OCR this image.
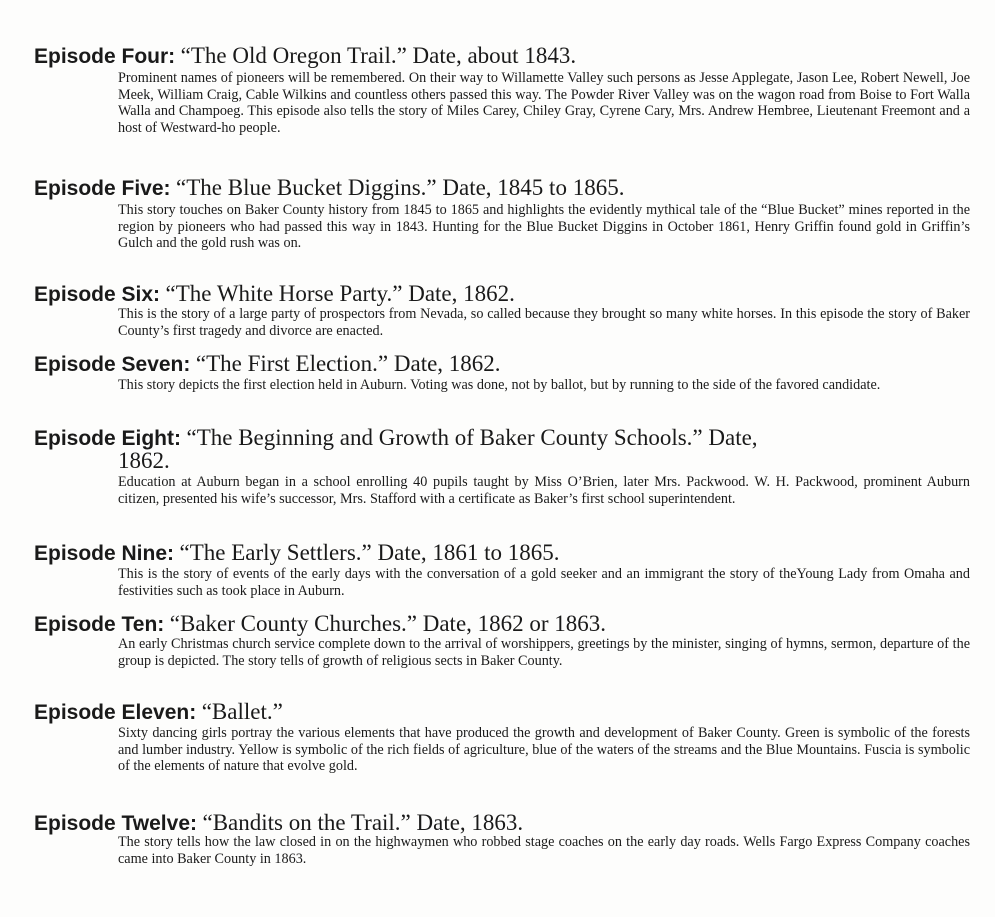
Episode Four: “The Old Oregon Trail.” Date, about 1843.
Prominent names of pioneers will be remembered. On their way to Willamette Valley such persons as Jesse Applegate, Jason Lee, Robert Newell, Joe Meek, William Craig, Cable Wilkins and countless others passed this way. The Powder River Valley was on the wagon road from Boise to Fort Walla Walla and Champoeg. This episode also tells the story of Miles Carey, Chiley Gray, Cyrene Cary, Mrs. Andrew Hembree, Lieutenant Freemont and a host of Westward-ho people.
Episode Five: “The Blue Bucket Diggins.” Date, 1845 to 1865.
This story touches on Baker County history from 1845 to 1865 and highlights the evidently mythical tale of the “Blue Bucket” mines reported in the region by pioneers who had passed this way in 1843. Hunting for the Blue Bucket Diggins in October 1861, Henry Griffin found gold in Griffin’s Gulch and the gold rush was on.
Episode Six: “The White Horse Party.” Date, 1862.
This is the story of a large party of prospectors from Nevada, so called because they brought so many white horses. In this episode the story of Baker County’s first tragedy and divorce are enacted.
Episode Seven: “The First Election.” Date, 1862.
This story depicts the first election held in Auburn. Voting was done, not by ballot, but by running to the side of the favored candidate.
Episode Eight: “The Beginning and Growth of Baker County Schools.” Date,
1862.
Education at Auburn began in a school enrolling 40 pupils taught by Miss O’Brien, later Mrs. Packwood. W. H. Packwood, prominent Auburn citizen, presented his wife’s successor, Mrs. Stafford with a certificate as Baker’s first school superintendent.
Episode Nine: “The Early Settlers.” Date, 1861 to 1865.
This is the story of events of the early days with the conversation of a gold seeker and an immigrant the story of theYoung Lady from Omaha and festivities such as took place in Auburn.
Episode Ten: “Baker County Churches.” Date, 1862 or 1863.
An early Christmas church service complete down to the arrival of worshippers, greetings by the minister, singing of hymns, sermon, departure of the group is depicted. The story tells of growth of religious sects in Baker County.
Episode Eleven: “Ballet.”
Sixty dancing girls portray the various elements that have produced the growth and development of Baker County. Green is symbolic of the forests and lumber industry. Yellow is symbolic of the rich fields of agriculture, blue of the waters of the streams and the Blue Mountains. Fuscia is symbolic of the elements of nature that evolve gold.
Episode Twelve: “Bandits on the Trail.” Date, 1863.
The story tells how the law closed in on the highwaymen who robbed stage coaches on the early day roads. Wells Fargo Express Company coaches came into Baker County in 1863.
